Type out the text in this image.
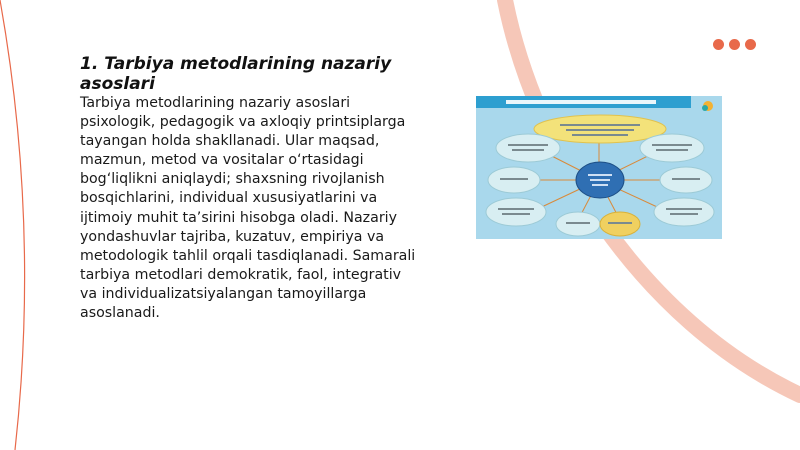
1. Tarbiya metodlarining nazariy asoslari

Tarbiya metodlarining nazariy asoslari psixologik, pedagogik va axloqiy printsiplarga tayangan holda shakllanadi. Ular maqsad, mazmun, metod va vositalar o‘rtasidagi bog‘liqlikni aniqlaydi; shaxsning rivojlanish bosqichlarini, individual xususiyatlarini va ijtimoiy muhit ta’sirini hisobga oladi. Nazariy yondashuvlar tajriba, kuzatuv, empiriya va metodologik tahlil orqali tasdiqlanadi. Samarali tarbiya metodlari demokratik, faol, integrativ va individualizatsiyalangan tamoyillarga asoslanadi.
